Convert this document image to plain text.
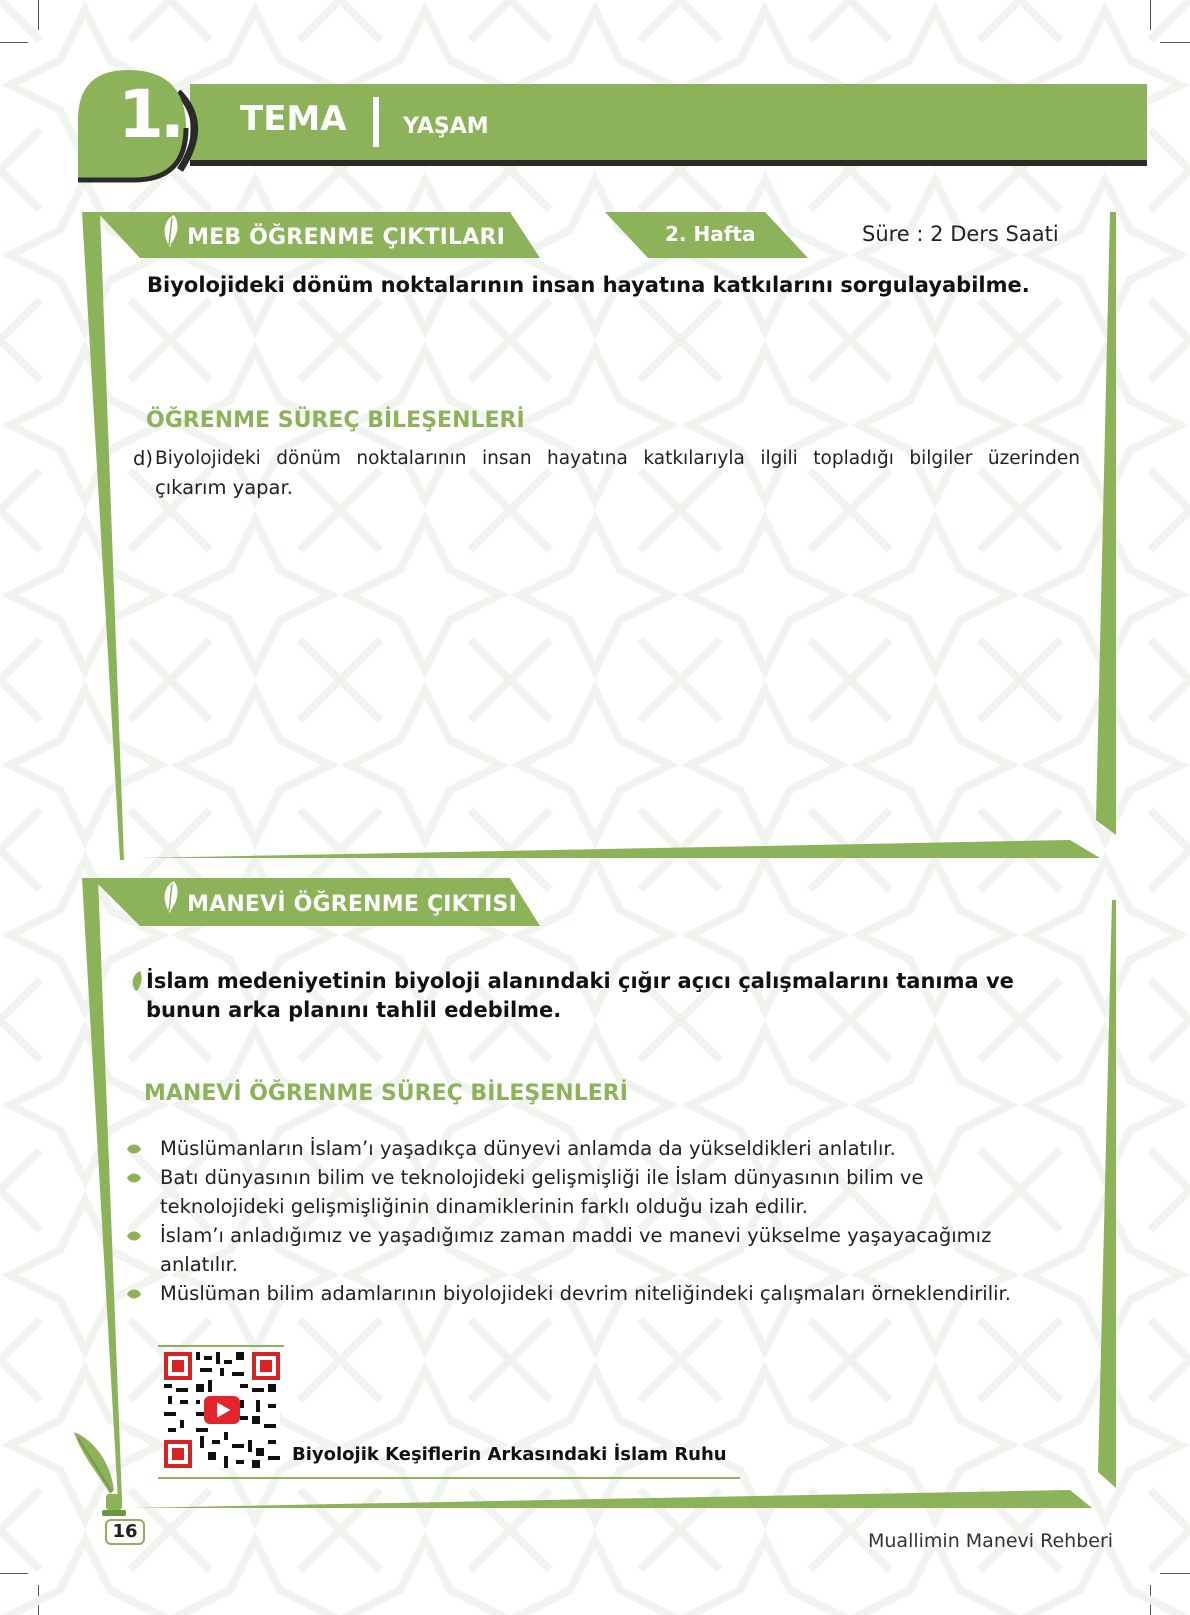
1. TEMA	YAŞAM
MEB ÖĞRENME ÇIKTILARI	2. Hafta	Süre : 2 Ders Saati
Biyolojideki dönüm noktalarının insan hayatına katkılarını sorgulayabilme.
ÖĞRENME SÜREÇ BİLEŞENLERİ
d) Biyolojideki dönüm noktalarının insan hayatına katkılarıyla ilgili topladığı bilgiler üzerinden
çıkarım yapar.
MANEVİ ÖĞRENME ÇIKTISI
İslam medeniyetinin biyoloji alanındaki çığır açıcı çalışmalarını tanıma ve
bunun arka planını tahlil edebilme.
MANEVİ ÖĞRENME SÜREÇ BİLEŞENLERİ
Müslümanların İslam’ı yaşadıkça dünyevi anlamda da yükseldikleri anlatılır.
Batı dünyasının bilim ve teknolojideki gelişmişliği ile İslam dünyasının bilim ve teknolojideki gelişmişliğinin dinamiklerinin farklı olduğu izah edilir.
İslam’ı anladığımız ve yaşadığımız zaman maddi ve manevi yükselme yaşayacağımız anlatılır.
Müslüman bilim adamlarının biyolojideki devrim niteliğindeki çalışmaları örneklendirilir.
Biyolojik Keşiflerin Arkasındaki İslam Ruhu
16	Muallimin Manevi Rehberi
